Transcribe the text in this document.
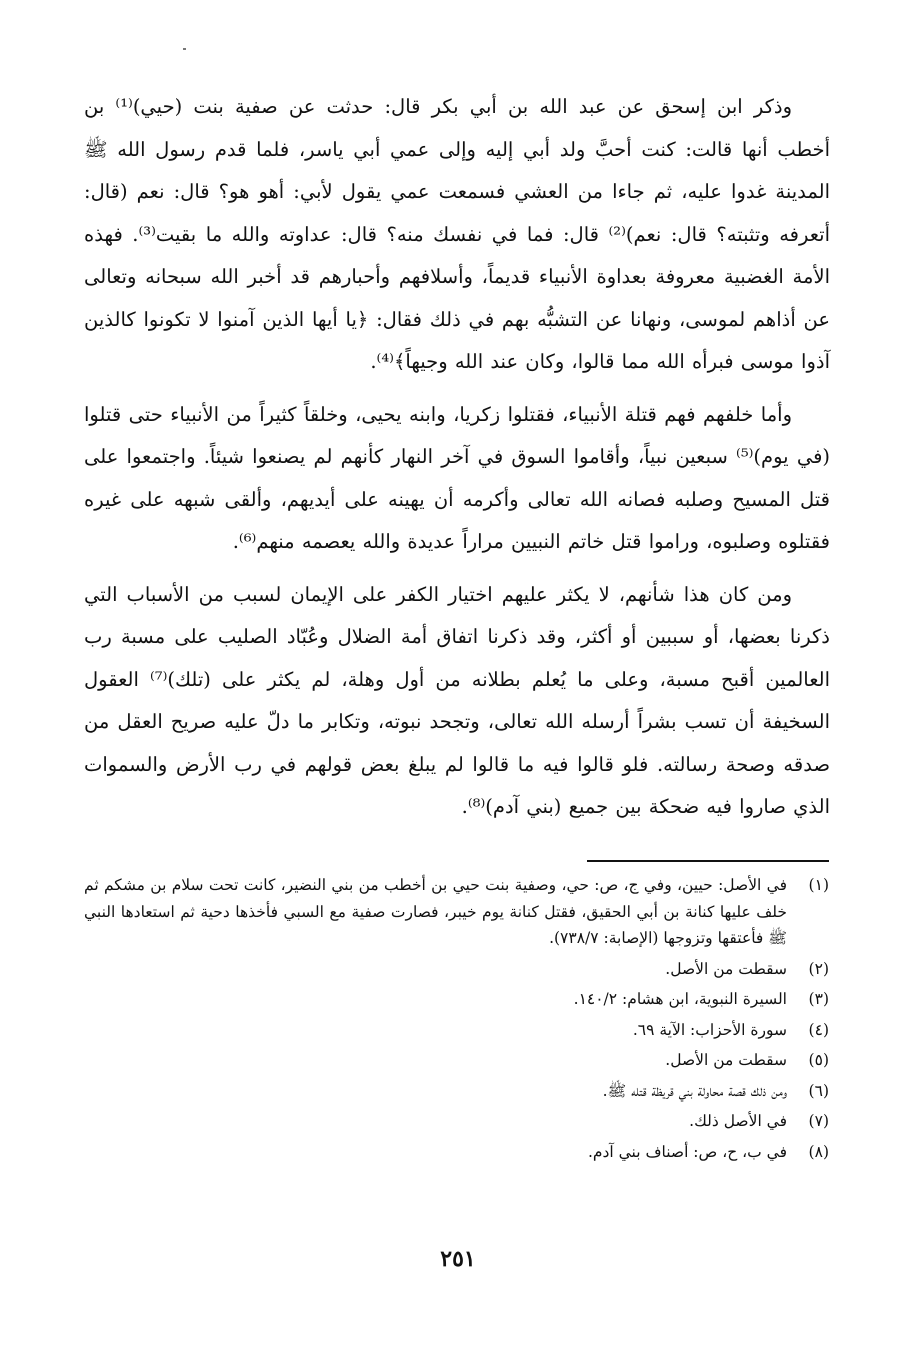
وذكر ابن إسحق عن عبد الله بن أبي بكر قال: حدثت عن صفية بنت (حيي)⁽¹⁾ بن أخطب أنها قالت: كنت أحبَّ ولد أبي إليه وإلى عمي أبي ياسر، فلما قدم رسول الله ﷺ المدينة غدوا عليه، ثم جاءا من العشي فسمعت عمي يقول لأبي: أهو هو؟ قال: نعم (قال: أتعرفه وتثبته؟ قال: نعم)⁽²⁾ قال: فما في نفسك منه؟ قال: عداوته والله ما بقيت⁽³⁾. فهذه الأمة الغضبية معروفة بعداوة الأنبياء قديماً، وأسلافهم وأحبارهم قد أخبر الله سبحانه وتعالى عن أذاهم لموسى، ونهانا عن التشبُّه بهم في ذلك فقال: ﴿يا أيها الذين آمنوا لا تكونوا كالذين آذوا موسى فبرأه الله مما قالوا، وكان عند الله وجيهاً﴾⁽⁴⁾.

وأما خلفهم فهم قتلة الأنبياء، فقتلوا زكريا، وابنه يحيى، وخلقاً كثيراً من الأنبياء حتى قتلوا (في يوم)⁽⁵⁾ سبعين نبياً، وأقاموا السوق في آخر النهار كأنهم لم يصنعوا شيئاً. واجتمعوا على قتل المسيح وصلبه فصانه الله تعالى وأكرمه أن يهينه على أيديهم، وألقى شبهه على غيره فقتلوه وصلبوه، وراموا قتل خاتم النبيين مراراً عديدة والله يعصمه منهم⁽⁶⁾.

ومن كان هذا شأنهم، لا يكثر عليهم اختيار الكفر على الإيمان لسبب من الأسباب التي ذكرنا بعضها، أو سببين أو أكثر، وقد ذكرنا اتفاق أمة الضلال وعُبّاد الصليب على مسبة رب العالمين أقبح مسبة، وعلى ما يُعلم بطلانه من أول وهلة، لم يكثر على (تلك)⁽⁷⁾ العقول السخيفة أن تسب بشراً أرسله الله تعالى، وتجحد نبوته، وتكابر ما دلّ عليه صريح العقل من صدقه وصحة رسالته. فلو قالوا فيه ما قالوا لم يبلغ بعض قولهم في رب الأرض والسموات الذي صاروا فيه ضحكة بين جميع (بني آدم)⁽⁸⁾.

(١)
في الأصل: حيين، وفي ج، ص: حي، وصفية بنت حيي بن أخطب من بني النضير، كانت تحت سلام بن مشكم ثم خلف عليها كنانة بن أبي الحقيق، فقتل كنانة يوم خيبر، فصارت صفية مع السبي فأخذها دحية ثم استعادها النبي ﷺ فأعتقها وتزوجها (الإصابة: ٧٣٨/٧).
(٢)
سقطت من الأصل.
(٣)
السيرة النبوية، ابن هشام: ١٤٠/٢.
(٤)
سورة الأحزاب: الآية ٦٩.
(٥)
سقطت من الأصل.
(٦)
ومن ذلك قصة محاولة بني قريظة قتله ﷺ.
(٧)
في الأصل ذلك.
(٨)
في ب، ح، ص: أصناف بني آدم.
٢٥١
